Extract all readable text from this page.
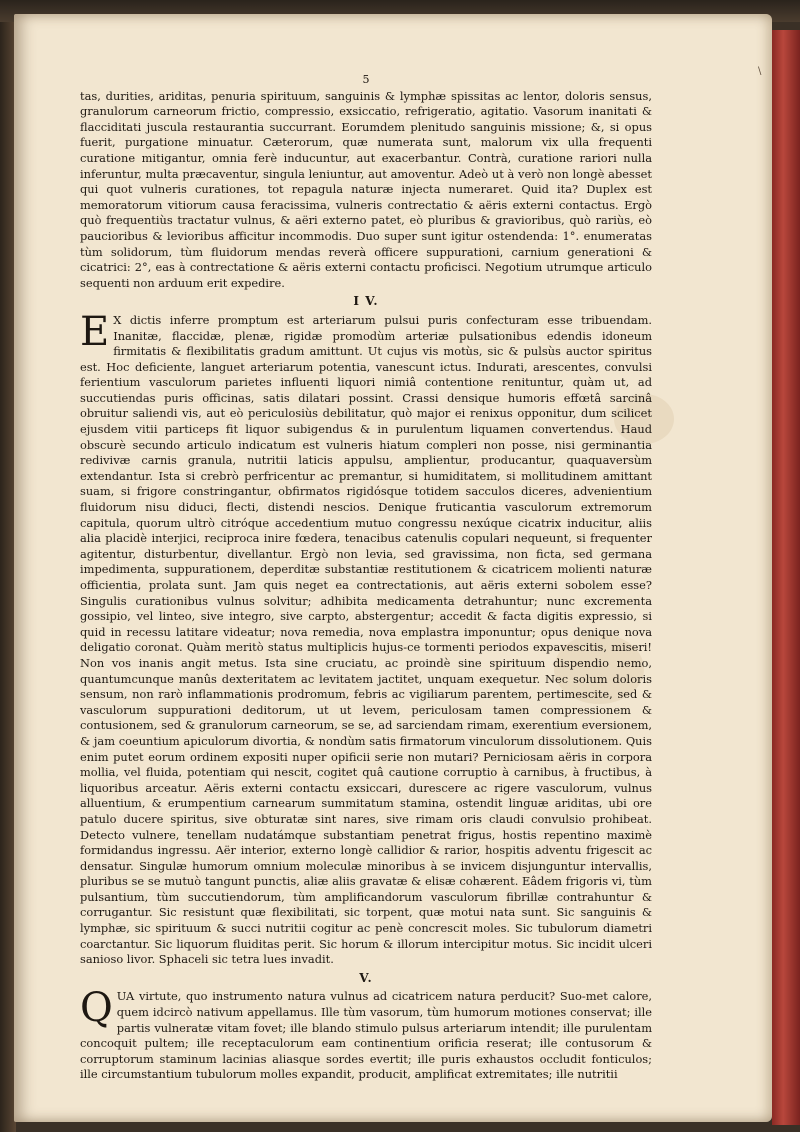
\
5

tas, durities, ariditas, penuria spirituum, sanguinis & lymphæ spissitas ac lentor, doloris sensus, granulorum carneorum frictio, compressio, exsiccatio, refrigeratio, agitatio. Vasorum inanitati & flacciditati jusculа restaurantia succurrant. Eorumdem plenitudo sanguinis missione; &, si opus fuerit, purgatione minuatur. Cæterorum, quæ numerata sunt, malorum vix ulla frequenti curatione mitigantur, omnia ferè inducuntur, aut exacerbantur. Contrà, curatione rariori nulla inferuntur, multa præcaventur, singula leniuntur, aut amoventur. Adeò ut à verò non longè abesset qui quot vulneris curationes, tot repagula naturæ injecta numeraret. Quid ita? Duplex est memoratorum vitiorum causa feracissima, vulneris contrectatio & aëris externi contactus. Ergò quò frequentiùs tractatur vulnus, & aëri externo patet, eò pluribus & gravioribus, quò rariùs, eò paucioribus & levioribus afficitur incommodis. Duo super sunt igitur ostendenda: 1°. enumeratas tùm solidorum, tùm fluidorum mendas reverà officere suppurationi, carnium generationi & cicatrici: 2°, eas à contrectatione & aëris externi contactu proficisci. Negotium utrumque articulo sequenti non arduum erit expedire.

I V.

E X dictis inferre promptum est arteriarum pulsui puris confecturam esse tribuendam. Inanitæ, flaccidæ, plenæ, rigidæ promodùm arteriæ pulsationibus edendis idoneum firmitatis & flexibilitatis gradum amittunt. Ut cujus vis motùs, sic & pulsùs auctor spiritus est. Hoc deficiente, languet arteriarum potentia, vanescunt ictus. Indurati, arescentes, convulsi ferientium vasculorum parietes influenti liquori nimiâ contentione renituntur, quàm ut, ad succutiendas puris officinas, satis dilatari possint. Crassi densique humoris effœtâ sarcinâ obruitur saliendi vis, aut eò periculosiùs debilitatur, quò major ei renixus opponitur, dum scilicet ejusdem vitii particeps fit liquor subigendus & in purulentum liquamen convertendus. Haud obscurè secundo articulo indicatum est vulneris hiatum compleri non posse, nisi germinantia redivivæ carnis granula, nutritii laticis appulsu, amplientur, producantur, quaquaversùm extendantur. Ista si crebrò perfricentur ac premantur, si humiditatem, si mollitudinem amittant suam, si frigore constringantur, obfirmatos rigidósque totidem sacculos diceres, advenientium fluidorum nisu diduci, flecti, distendi nescios. Denique fruticantia vasculorum extremorum capitula, quorum ultrò citróque accedentium mutuo congressu nexúque cicatrix inducitur, aliis alia placidè interjici, reciproca inire fœdera, tenacibus catenulis copulari nequeunt, si frequenter agitentur, disturbentur, divellantur. Ergò non levia, sed gravissima, non ficta, sed germana impedimenta, suppurationem, deperditæ substantiæ restitutionem & cicatricem molienti naturæ officientia, prolata sunt. Jam quis neget ea contrectationis, aut aëris externi sobolem esse? Singulis curationibus vulnus solvitur; adhibita medicamenta detrahuntur; nunc excrementa gossipio, vel linteo, sive integro, sive carpto, abstergentur; accedit & facta digitis expressio, si quid in recessu latitare videatur; nova remedia, nova emplastra imponuntur; opus denique nova deligatio coronat. Quàm meritò status multiplicis hujus-ce tormenti periodos expavescitis, miseri! Non vos inanis angit metus. Ista sine cruciatu, ac proindè sine spirituum dispendio nemo, quantumcunque manûs dexteritatem ac levitatem jactitet, unquam exequetur. Nec solum doloris sensum, non rarò inflammationis prodromum, febris ac vigiliarum parentem, pertimescite, sed & vasculorum suppurationi deditorum, ut ut levem, periculosam tamen compressionem & contusionem, sed & granulorum carneorum, se se, ad sarciendam rimam, exerentium eversionem, & jam coeuntium apiculorum divortia, & nondùm satis firmatorum vinculorum dissolutionem. Quis enim putet eorum ordinem expositi nuper opificii serie non mutari? Perniciosam aëris in corpora mollia, vel fluida, potentiam qui nescit, cogitet quâ cautione corruptio à carnibus, à fructibus, à liquoribus arceatur. Aëris externi contactu exsiccari, durescere ac rigere vasculorum, vulnus alluentium, & erumpentium carnearum summitatum stamina, ostendit linguæ ariditas, ubi ore patulo ducere spiritus, sive obturatæ sint nares, sive rimam oris claudi convulsio prohibeat. Detecto vulnere, tenellam nudatámque substantiam penetrat frigus, hostis repentino maximè formidandus ingressu. Aër interior, externo longè callidior & rarior, hospitis adventu frigescit ac densatur. Singulæ humorum omnium moleculæ minoribus à se invicem disjunguntur intervallis, pluribus se se mutuò tangunt punctis, aliæ aliis gravatæ & elisæ cohærent. Eâdem frigoris vi, tùm pulsantium, tùm succutiendorum, tùm amplificandorum vasculorum fibrillæ contrahuntur & corrugantur. Sic resistunt quæ flexibilitati, sic torpent, quæ motui nata sunt. Sic sanguinis & lymphæ, sic spirituum & succi nutritii cogitur ac penè concrescit moles. Sic tubulorum diametri coarctantur. Sic liquorum fluiditas perit. Sic horum & illorum intercipitur motus. Sic incidit ulceri sanioso livor. Sphaceli sic tetra lues invadit.

V.

QUA virtute, quo instrumento natura vulnus ad cicatricem natura perducit? Suo-met calore, quem idcircò nativum appellamus. Ille tùm vasorum, tùm humorum motiones conservat; ille partis vulneratæ vitam fovet; ille blando stimulo pulsus arteriarum intendit; ille purulentam concoquit pultem; ille receptaculorum eam continentium orificia reserat; ille contusorum & corruptorum staminum lacinias aliasque sordes evertit; ille puris exhaustos occludit fonticulos; ille circumstantium tubulorum molles expandit, producit, amplificat extremitates; ille nutritii
